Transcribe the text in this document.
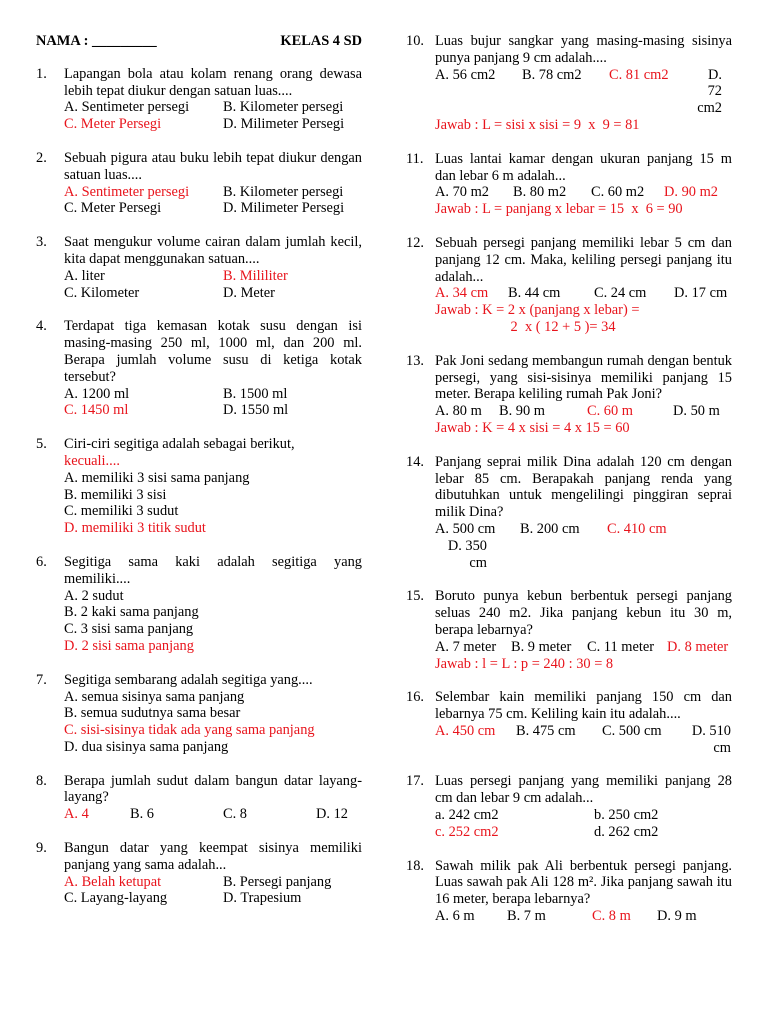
NAMA : _________	KELAS 4 SD
1.	Lapangan bola atau kolam renang orang dewasa lebih tepat diukur dengan satuan luas....
A. Sentimeter persegi	B. Kilometer persegi
C. Meter Persegi	D. Milimeter Persegi
2.	Sebuah pigura atau buku lebih tepat diukur dengan satuan luas....
A. Sentimeter persegi	B. Kilometer persegi
C. Meter Persegi	D. Milimeter Persegi
3.	Saat mengukur volume cairan dalam jumlah kecil, kita dapat menggunakan satuan....
A. liter	B. Mililiter
C. Kilometer	D. Meter
4.	Terdapat tiga kemasan kotak susu dengan isi masing-masing 250 ml, 1000 ml, dan 200 ml. Berapa jumlah volume susu di ketiga kotak tersebut?
A. 1200 ml	B. 1500 ml
C. 1450 ml	D. 1550 ml
5.	Ciri-ciri segitiga adalah sebagai berikut,
kecuali....
A. memiliki 3 sisi sama panjang
B. memiliki 3 sisi
C. memiliki 3 sudut
D. memiliki 3 titik sudut
6.	Segitiga sama kaki adalah segitiga yang memiliki....
A. 2 sudut
B. 2 kaki sama panjang
C. 3 sisi sama panjang
D. 2 sisi sama panjang
7.	Segitiga sembarang adalah segitiga yang....
A. semua sisinya sama panjang
B. semua sudutnya sama besar
C. sisi-sisinya tidak ada yang sama panjang
D. dua sisinya sama panjang
8.	Berapa jumlah sudut dalam bangun datar layang-layang?
A. 4	B. 6	C. 8	D. 12
9.	Bangun datar yang keempat sisinya memiliki panjang yang sama adalah...
A. Belah ketupat	B. Persegi panjang
C. Layang-layang	D. Trapesium
10. Luas bujur sangkar yang masing-masing sisinya punya panjang 9 cm adalah....
A. 56 cm2	B. 78 cm2	C. 81 cm2	D. 72 cm2
Jawab : L = sisi x sisi = 9  x  9 = 81
11. Luas lantai kamar dengan ukuran panjang 15 m dan lebar 6 m adalah...
A. 70 m2	B. 80 m2	C. 60 m2	D. 90 m2
Jawab : L = panjang x lebar = 15  x  6 = 90
12. Sebuah persegi panjang memiliki lebar 5 cm dan panjang 12 cm. Maka, keliling persegi panjang itu adalah...
A. 34 cm	B. 44 cm	C. 24 cm	D. 17 cm
Jawab : K = 2 x (panjang x lebar) =
2  x ( 12 + 5 )= 34
13. Pak Joni sedang membangun rumah dengan bentuk persegi, yang sisi-sisinya memiliki panjang 15 meter. Berapa keliling rumah Pak Joni?
A. 80 m	B. 90 m	C. 60 m	D. 50 m
Jawab : K = 4 x sisi = 4 x 15 = 60
14. Panjang seprai milik Dina adalah 120 cm dengan lebar 85 cm. Berapakah panjang renda yang dibutuhkan untuk mengelilingi pinggiran seprai milik Dina?
A. 500 cm	B. 200 cm	C. 410 cm
D. 350 cm
15. Boruto punya kebun berbentuk persegi panjang seluas 240 m2. Jika panjang kebun itu 30 m, berapa lebarnya?
A. 7 meter	B. 9 meter	C. 11 meter D. 8 meter
Jawab : l = L : p = 240 : 30 = 8
16. Selembar kain memiliki panjang 150 cm dan lebarnya 75 cm. Keliling kain itu adalah....
A. 450 cm	B. 475 cm	C. 500 cm	D. 510 cm
17. Luas persegi panjang yang memiliki panjang 28 cm dan lebar 9 cm adalah...
a. 242 cm2	b. 250 cm2
c. 252 cm2	d. 262 cm2
18. Sawah milik pak Ali berbentuk persegi panjang. Luas sawah pak Ali 128 m². Jika panjang sawah itu 16 meter, berapa lebarnya?
A. 6 m	B. 7 m	C. 8 m	D. 9 m
